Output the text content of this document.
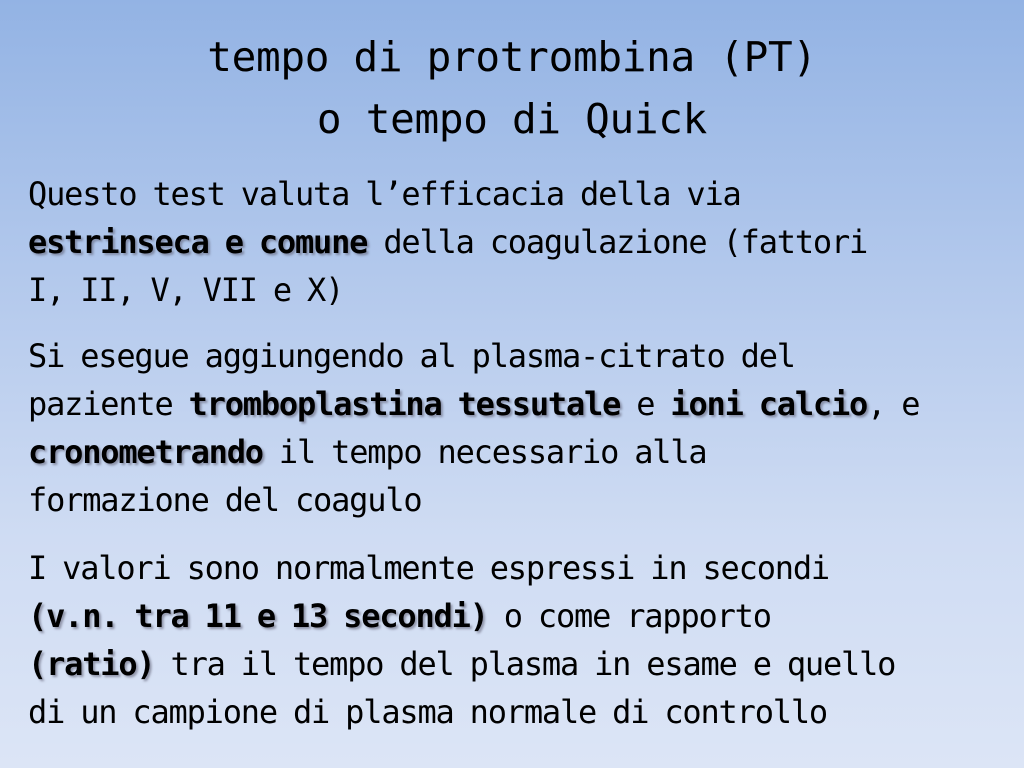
tempo di protrombina (PT)
o tempo di Quick
Questo test valuta l’efficacia della via
estrinseca e comune della coagulazione (fattori
I, II, V, VII e X)
Si esegue aggiungendo al plasma-citrato del
paziente tromboplastina tessutale e ioni calcio, e
cronometrando il tempo necessario alla
formazione del coagulo
I valori sono normalmente espressi in secondi
(v.n. tra 11 e 13 secondi) o come rapporto
(ratio) tra il tempo del plasma in esame e quello
di un campione di plasma normale di controllo
